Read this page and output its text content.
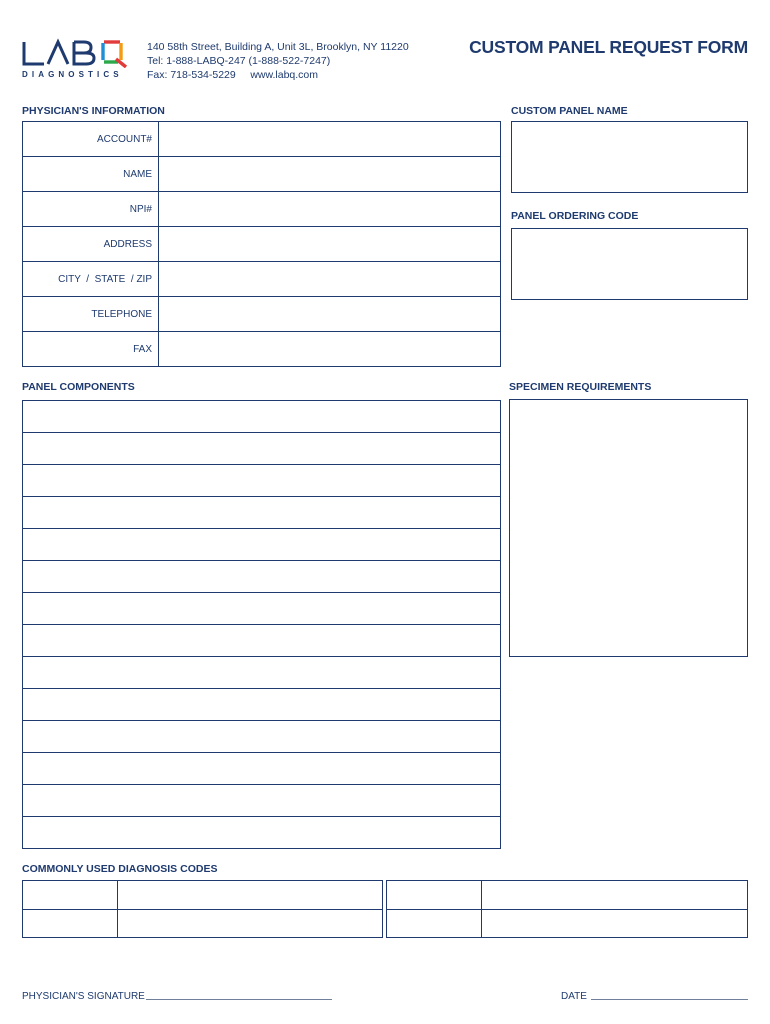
DIAGNOSTICS
140 58th Street, Building A, Unit 3L, Brooklyn, NY 11220
Tel: 1-888-LABQ-247 (1-888-522-7247)
Fax: 718-534-5229     www.labq.com
CUSTOM PANEL REQUEST FORM
PHYSICIAN'S INFORMATION
ACCOUNT#
NAME
NPI#
ADDRESS
CITY  /  STATE  / ZIP
TELEPHONE
FAX
CUSTOM PANEL NAME
PANEL ORDERING CODE
PANEL COMPONENTS	SPECIMEN REQUIREMENTS
COMMONLY USED DIAGNOSIS CODES
PHYSICIAN'S SIGNATURE	DATE
